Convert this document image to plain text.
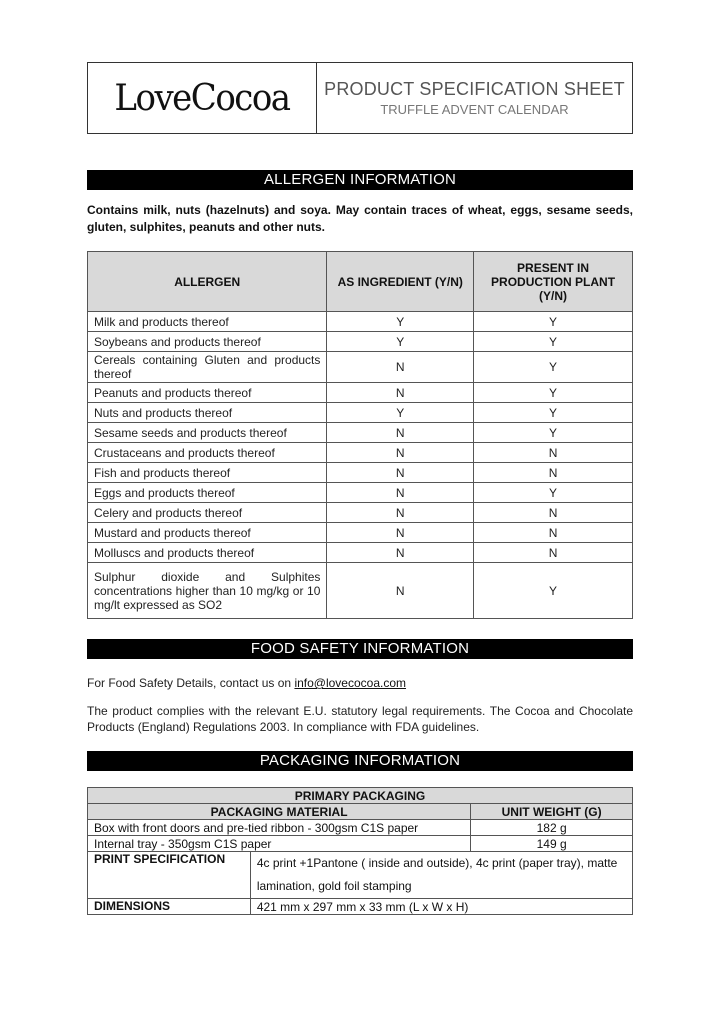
LoveCocoa PRODUCT SPECIFICATION SHEET
TRUFFLE ADVENT CALENDAR
ALLERGEN INFORMATION
Contains milk, nuts (hazelnuts) and soya. May contain traces of wheat, eggs, sesame seeds, gluten, sulphites, peanuts and other nuts.
ALLERGEN	AS INGREDIENT (Y/N)	PRESENT IN PRODUCTION PLANT (Y/N)
Milk and products thereof	Y	Y
Soybeans and products thereof	Y	Y
Cereals containing Gluten and products thereof	N	Y
Peanuts and products thereof	N	Y
Nuts and products thereof	Y	Y
Sesame seeds and products thereof	N	Y
Crustaceans and products thereof	N	N
Fish and products thereof	N	N
Eggs and products thereof	N	Y
Celery and products thereof	N	N
Mustard and products thereof	N	N
Molluscs and products thereof	N	N
Sulphur dioxide and Sulphites concentrations higher than 10 mg/kg or 10 mg/lt expressed as SO2	N	Y
FOOD SAFETY INFORMATION
For Food Safety Details, contact us on info@lovecocoa.com
The product complies with the relevant E.U. statutory legal requirements. The Cocoa and Chocolate Products (England) Regulations 2003. In compliance with FDA guidelines.
PACKAGING INFORMATION
PRIMARY PACKAGING		
PACKAGING MATERIAL		UNIT WEIGHT (G)
Box with front doors and pre-tied ribbon - 300gsm C1S paper		182 g
Internal tray - 350gsm C1S paper		149 g
PRINT SPECIFICATION	4c print +1Pantone ( inside and outside), 4c print (paper tray), matte lamination, gold foil stamping	
DIMENSIONS	421 mm x 297 mm x 33 mm (L x W x H)	
